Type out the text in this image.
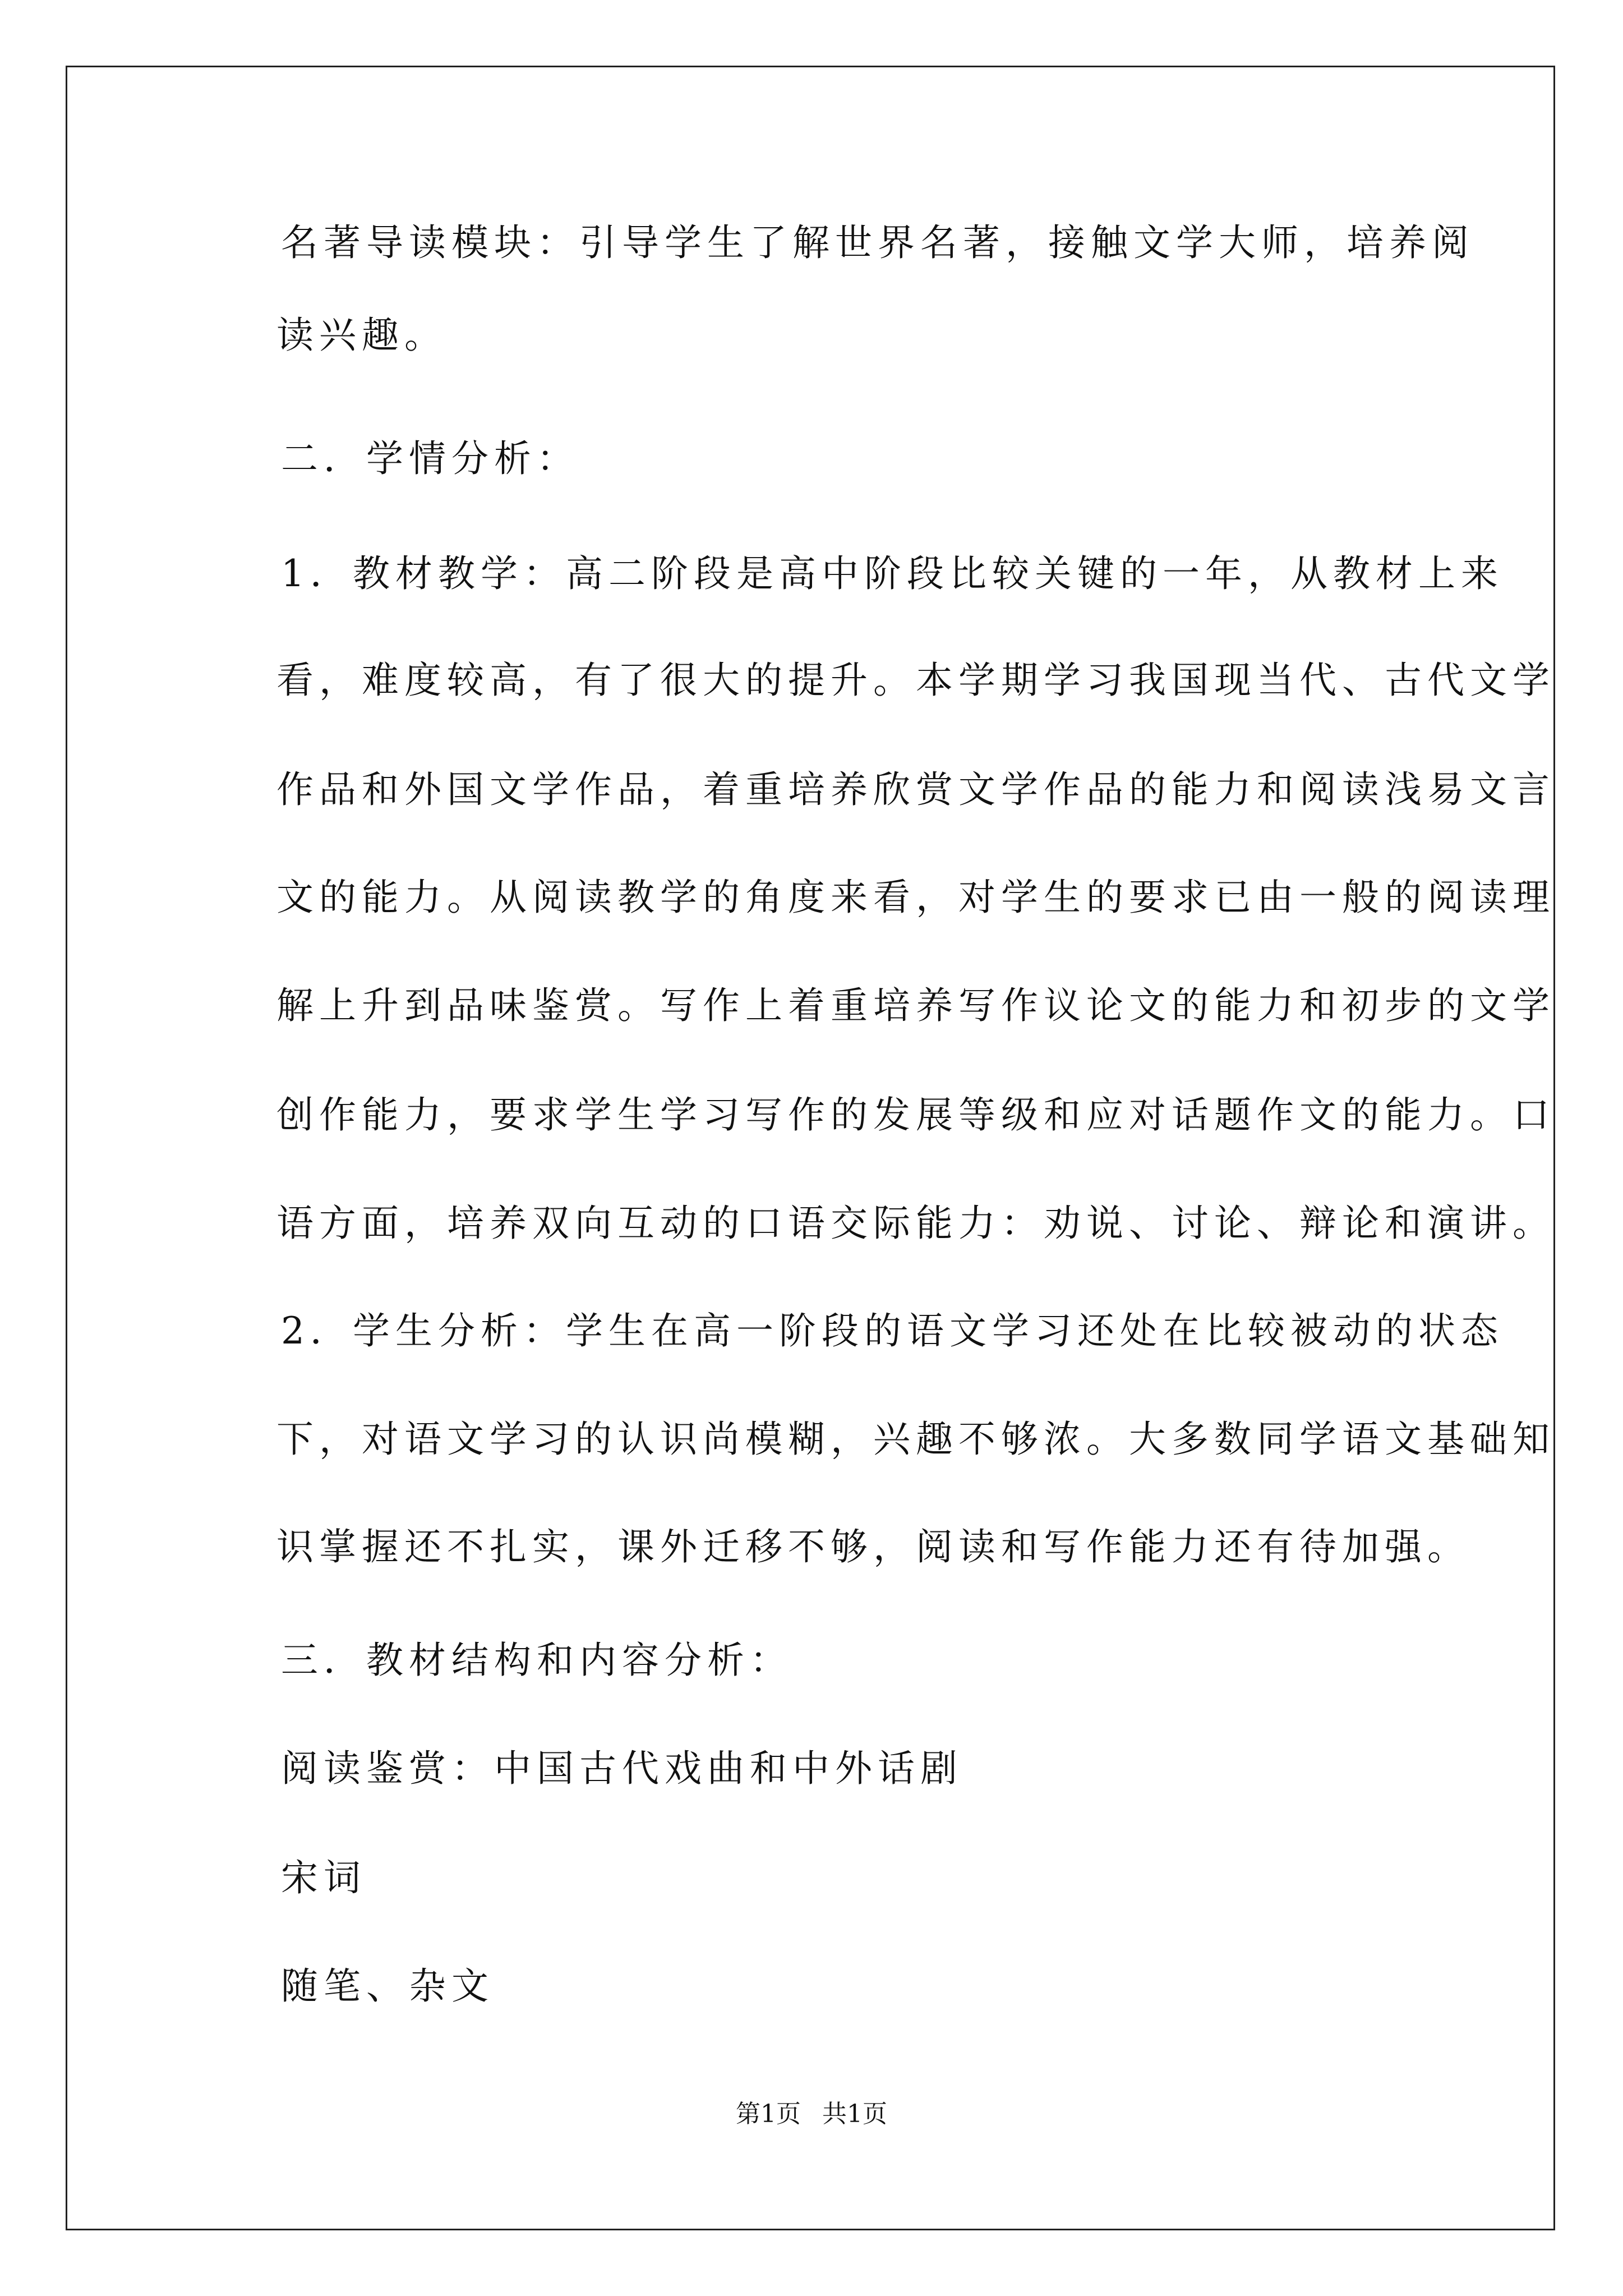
名著导读模块：引导学生了解世界名著，接触文学大师，培养阅

读兴趣。

二．学情分析：

1．教材教学：高二阶段是高中阶段比较关键的一年，从教材上来

看，难度较高，有了很大的提升。本学期学习我国现当代、古代文学

作品和外国文学作品，着重培养欣赏文学作品的能力和阅读浅易文言

文的能力。从阅读教学的角度来看，对学生的要求已由一般的阅读理

解上升到品味鉴赏。写作上着重培养写作议论文的能力和初步的文学

创作能力，要求学生学习写作的发展等级和应对话题作文的能力。口

语方面，培养双向互动的口语交际能力：劝说、讨论、辩论和演讲。

2．学生分析：学生在高一阶段的语文学习还处在比较被动的状态

下，对语文学习的认识尚模糊，兴趣不够浓。大多数同学语文基础知

识掌握还不扎实，课外迁移不够，阅读和写作能力还有待加强。

三．教材结构和内容分析：

阅读鉴赏：中国古代戏曲和中外话剧

宋词

随笔、杂文

第1页 共1页
